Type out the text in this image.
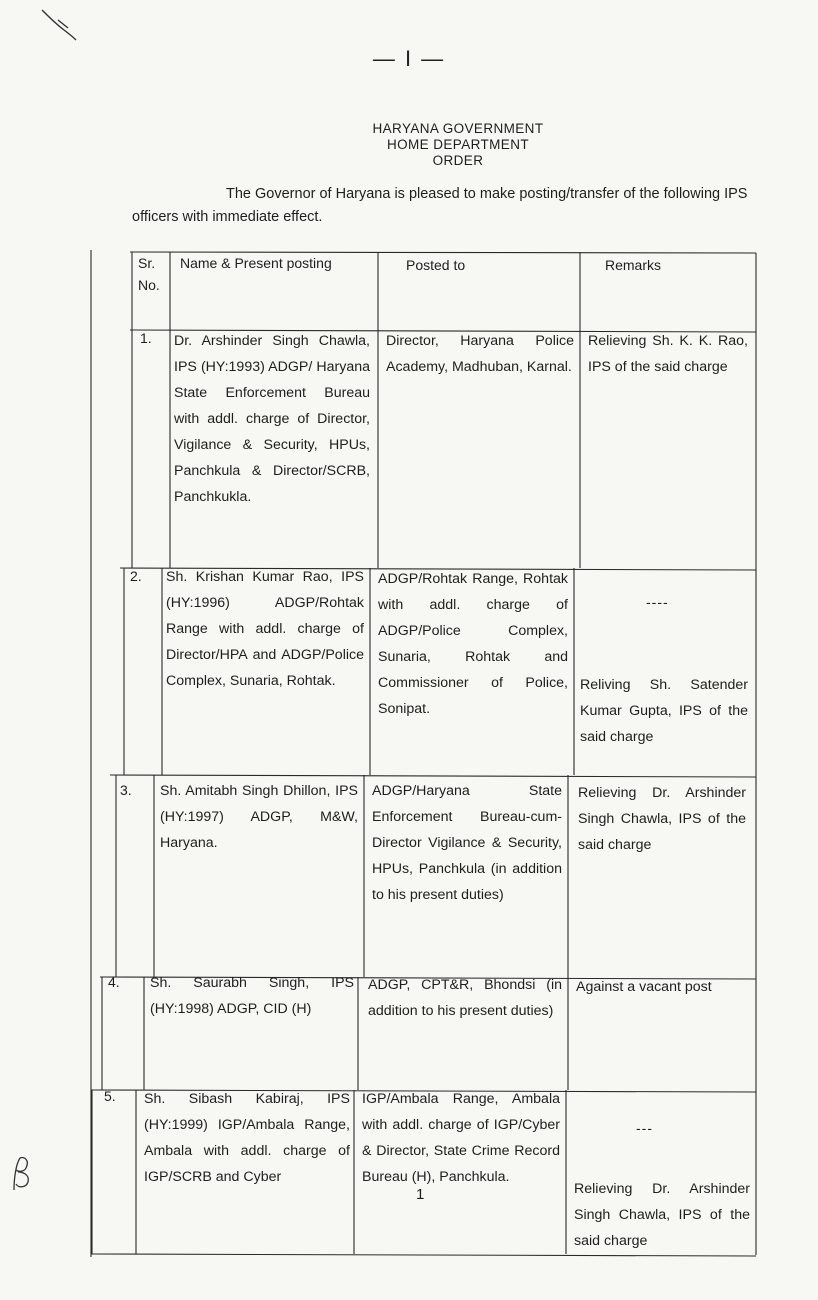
— I —
HARYANA GOVERNMENT
HOME DEPARTMENT
ORDER
The Governor of Haryana is pleased to make posting/transfer of the following IPS officers with immediate effect.
Sr. No.
Name & Present posting	Posted to	Remarks
1. Dr. Arshinder Singh Chawla, IPS (HY:1993) ADGP/ Haryana State Enforcement Bureau with addl. charge of Director, Vigilance & Security, HPUs, Panchkula & Director/SCRB, Panchkukla.
Director, Haryana Police Academy, Madhuban, Karnal.
Relieving Sh. K. K. Rao, IPS of the said charge
2. Sh. Krishan Kumar Rao, IPS (HY:1996) ADGP/Rohtak Range with addl. charge of Director/HPA and ADGP/Police Complex, Sunaria, Rohtak.
ADGP/Rohtak Range, Rohtak with addl. charge of ADGP/Police Complex, Sunaria, Rohtak and Commissioner of Police, Sonipat.
----
Reliving Sh. Satender Kumar Gupta, IPS of the said charge
3. Sh. Amitabh Singh Dhillon, IPS (HY:1997) ADGP, M&W, Haryana.
ADGP/Haryana State Enforcement Bureau-cum-Director Vigilance & Security, HPUs, Panchkula (in addition to his present duties)
Relieving Dr. Arshinder Singh Chawla, IPS of the said charge
4. Sh. Saurabh Singh, IPS (HY:1998) ADGP, CID (H)
ADGP, CPT&R, Bhondsi (in addition to his present duties)
Against a vacant post
5. Sh. Sibash Kabiraj, IPS (HY:1999) IGP/Ambala Range, Ambala with addl. charge of IGP/SCRB and Cyber
IGP/Ambala Range, Ambala with addl. charge of IGP/Cyber & Director, State Crime Record Bureau (H), Panchkula.
---
Relieving Dr. Arshinder Singh Chawla, IPS of the said charge
1
